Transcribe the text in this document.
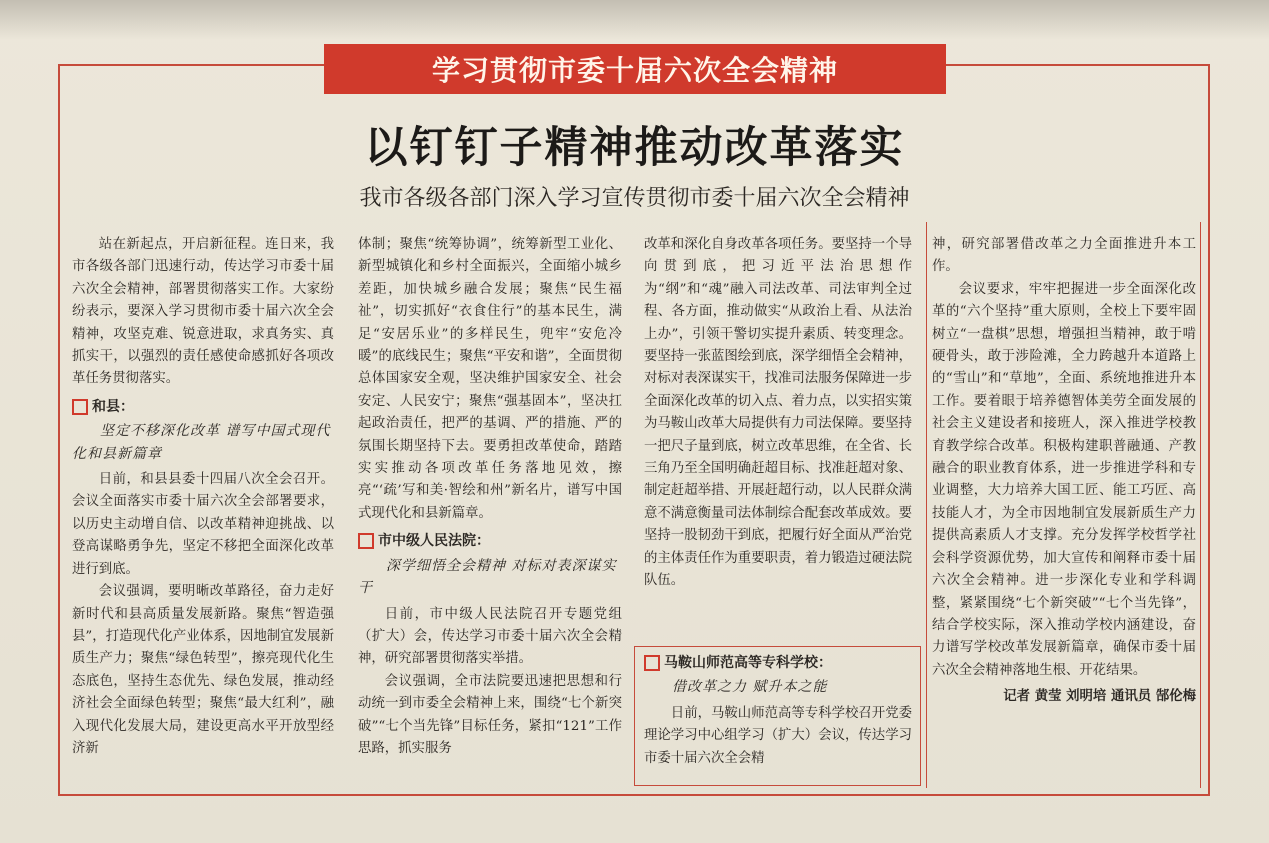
学习贯彻市委十届六次全会精神
以钉钉子精神推动改革落实
我市各级各部门深入学习宣传贯彻市委十届六次全会精神

站在新起点，开启新征程。连日来，我市各级各部门迅速行动，传达学习市委十届六次全会精神，部署贯彻落实工作。大家纷纷表示，要深入学习贯彻市委十届六次全会精神，攻坚克难、锐意进取，求真务实、真抓实干，以强烈的责任感使命感抓好各项改革任务贯彻落实。

和县：
坚定不移深化改革 谱写中国式现代化和县新篇章

日前，和县县委十四届八次全会召开。会议全面落实市委十届六次全会部署要求，以历史主动增自信、以改革精神迎挑战、以登高谋略勇争先，坚定不移把全面深化改革进行到底。

会议强调，要明晰改革路径，奋力走好新时代和县高质量发展新路。聚焦“智造强县”，打造现代化产业体系，因地制宜发展新质生产力；聚焦“绿色转型”，擦亮现代化生态底色，坚持生态优先、绿色发展，推动经济社会全面绿色转型；聚焦“最大红利”，融入现代化发展大局，建设更高水平开放型经济新

体制；聚焦“统筹协调”，统筹新型工业化、新型城镇化和乡村全面振兴，全面缩小城乡差距，加快城乡融合发展；聚焦“民生福祉”，切实抓好“衣食住行”的基本民生，满足“安居乐业”的多样民生，兜牢“安危冷暖”的底线民生；聚焦“平安和谐”，全面贯彻总体国家安全观，坚决维护国家安全、社会安定、人民安宁；聚焦“强基固本”，坚决扛起政治责任，把严的基调、严的措施、严的氛围长期坚持下去。要勇担改革使命，踏踏实实推动各项改革任务落地见效，擦亮“‘疏’写和美·智绘和州”新名片，谱写中国式现代化和县新篇章。

市中级人民法院：
深学细悟全会精神 对标对表深谋实干

日前，市中级人民法院召开专题党组（扩大）会，传达学习市委十届六次全会精神，研究部署贯彻落实举措。

会议强调，全市法院要迅速把思想和行动统一到市委全会精神上来，围绕“七个新突破”“七个当先锋”目标任务，紧扣“121”工作思路，抓实服务

改革和深化自身改革各项任务。要坚持一个导向贯到底，把习近平法治思想作为“纲”和“魂”融入司法改革、司法审判全过程、各方面，推动做实“从政治上看、从法治上办”，引领干警切实提升素质、转变理念。要坚持一张蓝图绘到底，深学细悟全会精神，对标对表深谋实干，找准司法服务保障进一步全面深化改革的切入点、着力点，以实招实策为马鞍山改革大局提供有力司法保障。要坚持一把尺子量到底，树立改革思维，在全省、长三角乃至全国明确赶超目标、找准赶超对象、制定赶超举措、开展赶超行动，以人民群众满意不满意衡量司法体制综合配套改革成效。要坚持一股韧劲干到底，把履行好全面从严治党的主体责任作为重要职责，着力锻造过硬法院队伍。

马鞍山师范高等专科学校：
借改革之力 赋升本之能

日前，马鞍山师范高等专科学校召开党委理论学习中心组学习（扩大）会议，传达学习市委十届六次全会精

神，研究部署借改革之力全面推进升本工作。

会议要求，牢牢把握进一步全面深化改革的“六个坚持”重大原则，全校上下要牢固树立“一盘棋”思想，增强担当精神，敢于啃硬骨头，敢于涉险滩，全力跨越升本道路上的“雪山”和“草地”，全面、系统地推进升本工作。要着眼于培养德智体美劳全面发展的社会主义建设者和接班人，深入推进学校教育教学综合改革。积极构建职普融通、产教融合的职业教育体系，进一步推进学科和专业调整，大力培养大国工匠、能工巧匠、高技能人才，为全市因地制宜发展新质生产力提供高素质人才支撑。充分发挥学校哲学社会科学资源优势，加大宣传和阐释市委十届六次全会精神。进一步深化专业和学科调整，紧紧围绕“七个新突破”“七个当先锋”，结合学校实际，深入推动学校内涵建设，奋力谱写学校改革发展新篇章，确保市委十届六次全会精神落地生根、开花结果。

记者 黄莹 刘明培 通讯员 郜伦梅
